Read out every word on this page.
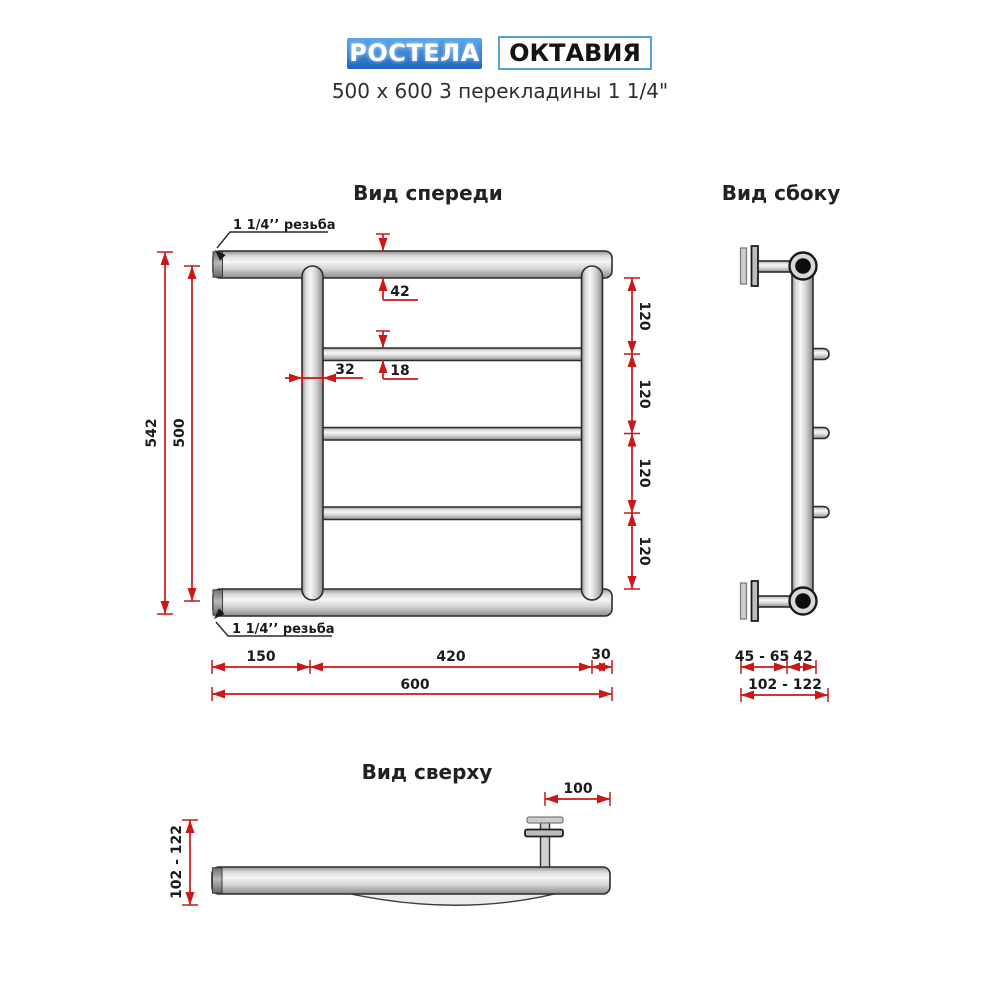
РОСТЕЛА	ОКТАВИЯ
500 x 600 3 перекладины 1 1/4"
Вид спереди
1 1/4’’ резьба
1 1/4’’ резьба
542 500
120
120
120
120
42
18
32
150	420	30
600
Вид сбоку
45 - 65 42
102 - 122
Вид сверху
100
102 - 122
